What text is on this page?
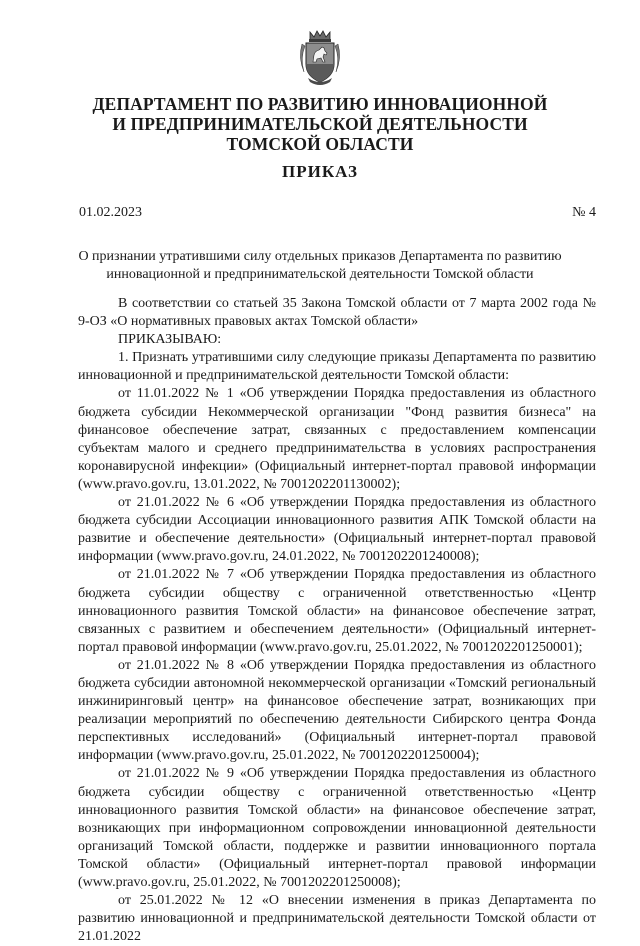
ДЕПАРТАМЕНТ ПО РАЗВИТИЮ ИННОВАЦИОННОЙ
И ПРЕДПРИНИМАТЕЛЬСКОЙ ДЕЯТЕЛЬНОСТИ
ТОМСКОЙ ОБЛАСТИ
ПРИКАЗ
01.02.2023	№ 4
О признании утратившими силу отдельных приказов Департамента по развитию
инновационной и предпринимательской деятельности Томской области

В соответствии со статьей 35 Закона Томской области от 7 марта 2002 года № 9-ОЗ «О нормативных правовых актах Томской области»

ПРИКАЗЫВАЮ:

1. Признать утратившими силу следующие приказы Департамента по развитию инновационной и предпринимательской деятельности Томской области:

от 11.01.2022 № 1 «Об утверждении Порядка предоставления из областного бюджета субсидии Некоммерческой организации "Фонд развития бизнеса" на финансовое обеспечение затрат, связанных с предоставлением компенсации субъектам малого и среднего предпринимательства в условиях распространения коронавирусной инфекции» (Официальный интернет-портал правовой информации (www.pravo.gov.ru, 13.01.2022, № 7001202201130002);

от 21.01.2022 № 6 «Об утверждении Порядка предоставления из областного бюджета субсидии Ассоциации инновационного развития АПК Томской области на развитие и обеспечение деятельности» (Официальный интернет-портал правовой информации (www.pravo.gov.ru, 24.01.2022, № 7001202201240008);

от 21.01.2022 № 7 «Об утверждении Порядка предоставления из областного бюджета субсидии обществу с ограниченной ответственностью «Центр инновационного развития Томской области» на финансовое обеспечение затрат, связанных с развитием и обеспечением деятельности» (Официальный интернет-портал правовой информации (www.pravo.gov.ru, 25.01.2022, № 7001202201250001);

от 21.01.2022 № 8 «Об утверждении Порядка предоставления из областного бюджета субсидии автономной некоммерческой организации «Томский региональный инжиниринговый центр» на финансовое обеспечение затрат, возникающих при реализации мероприятий по обеспечению деятельности Сибирского центра Фонда перспективных исследований» (Официальный интернет-портал правовой информации (www.pravo.gov.ru, 25.01.2022, № 7001202201250004);

от 21.01.2022 № 9 «Об утверждении Порядка предоставления из областного бюджета субсидии обществу с ограниченной ответственностью «Центр инновационного развития Томской области» на финансовое обеспечение затрат, возникающих при информационном сопровождении инновационной деятельности организаций Томской области, поддержке и развитии инновационного портала Томской области» (Официальный интернет-портал правовой информации (www.pravo.gov.ru, 25.01.2022, № 7001202201250008);

от 25.01.2022 № 12 «О внесении изменения в приказ Департамента по развитию инновационной и предпринимательской деятельности Томской области от 21.01.2022
